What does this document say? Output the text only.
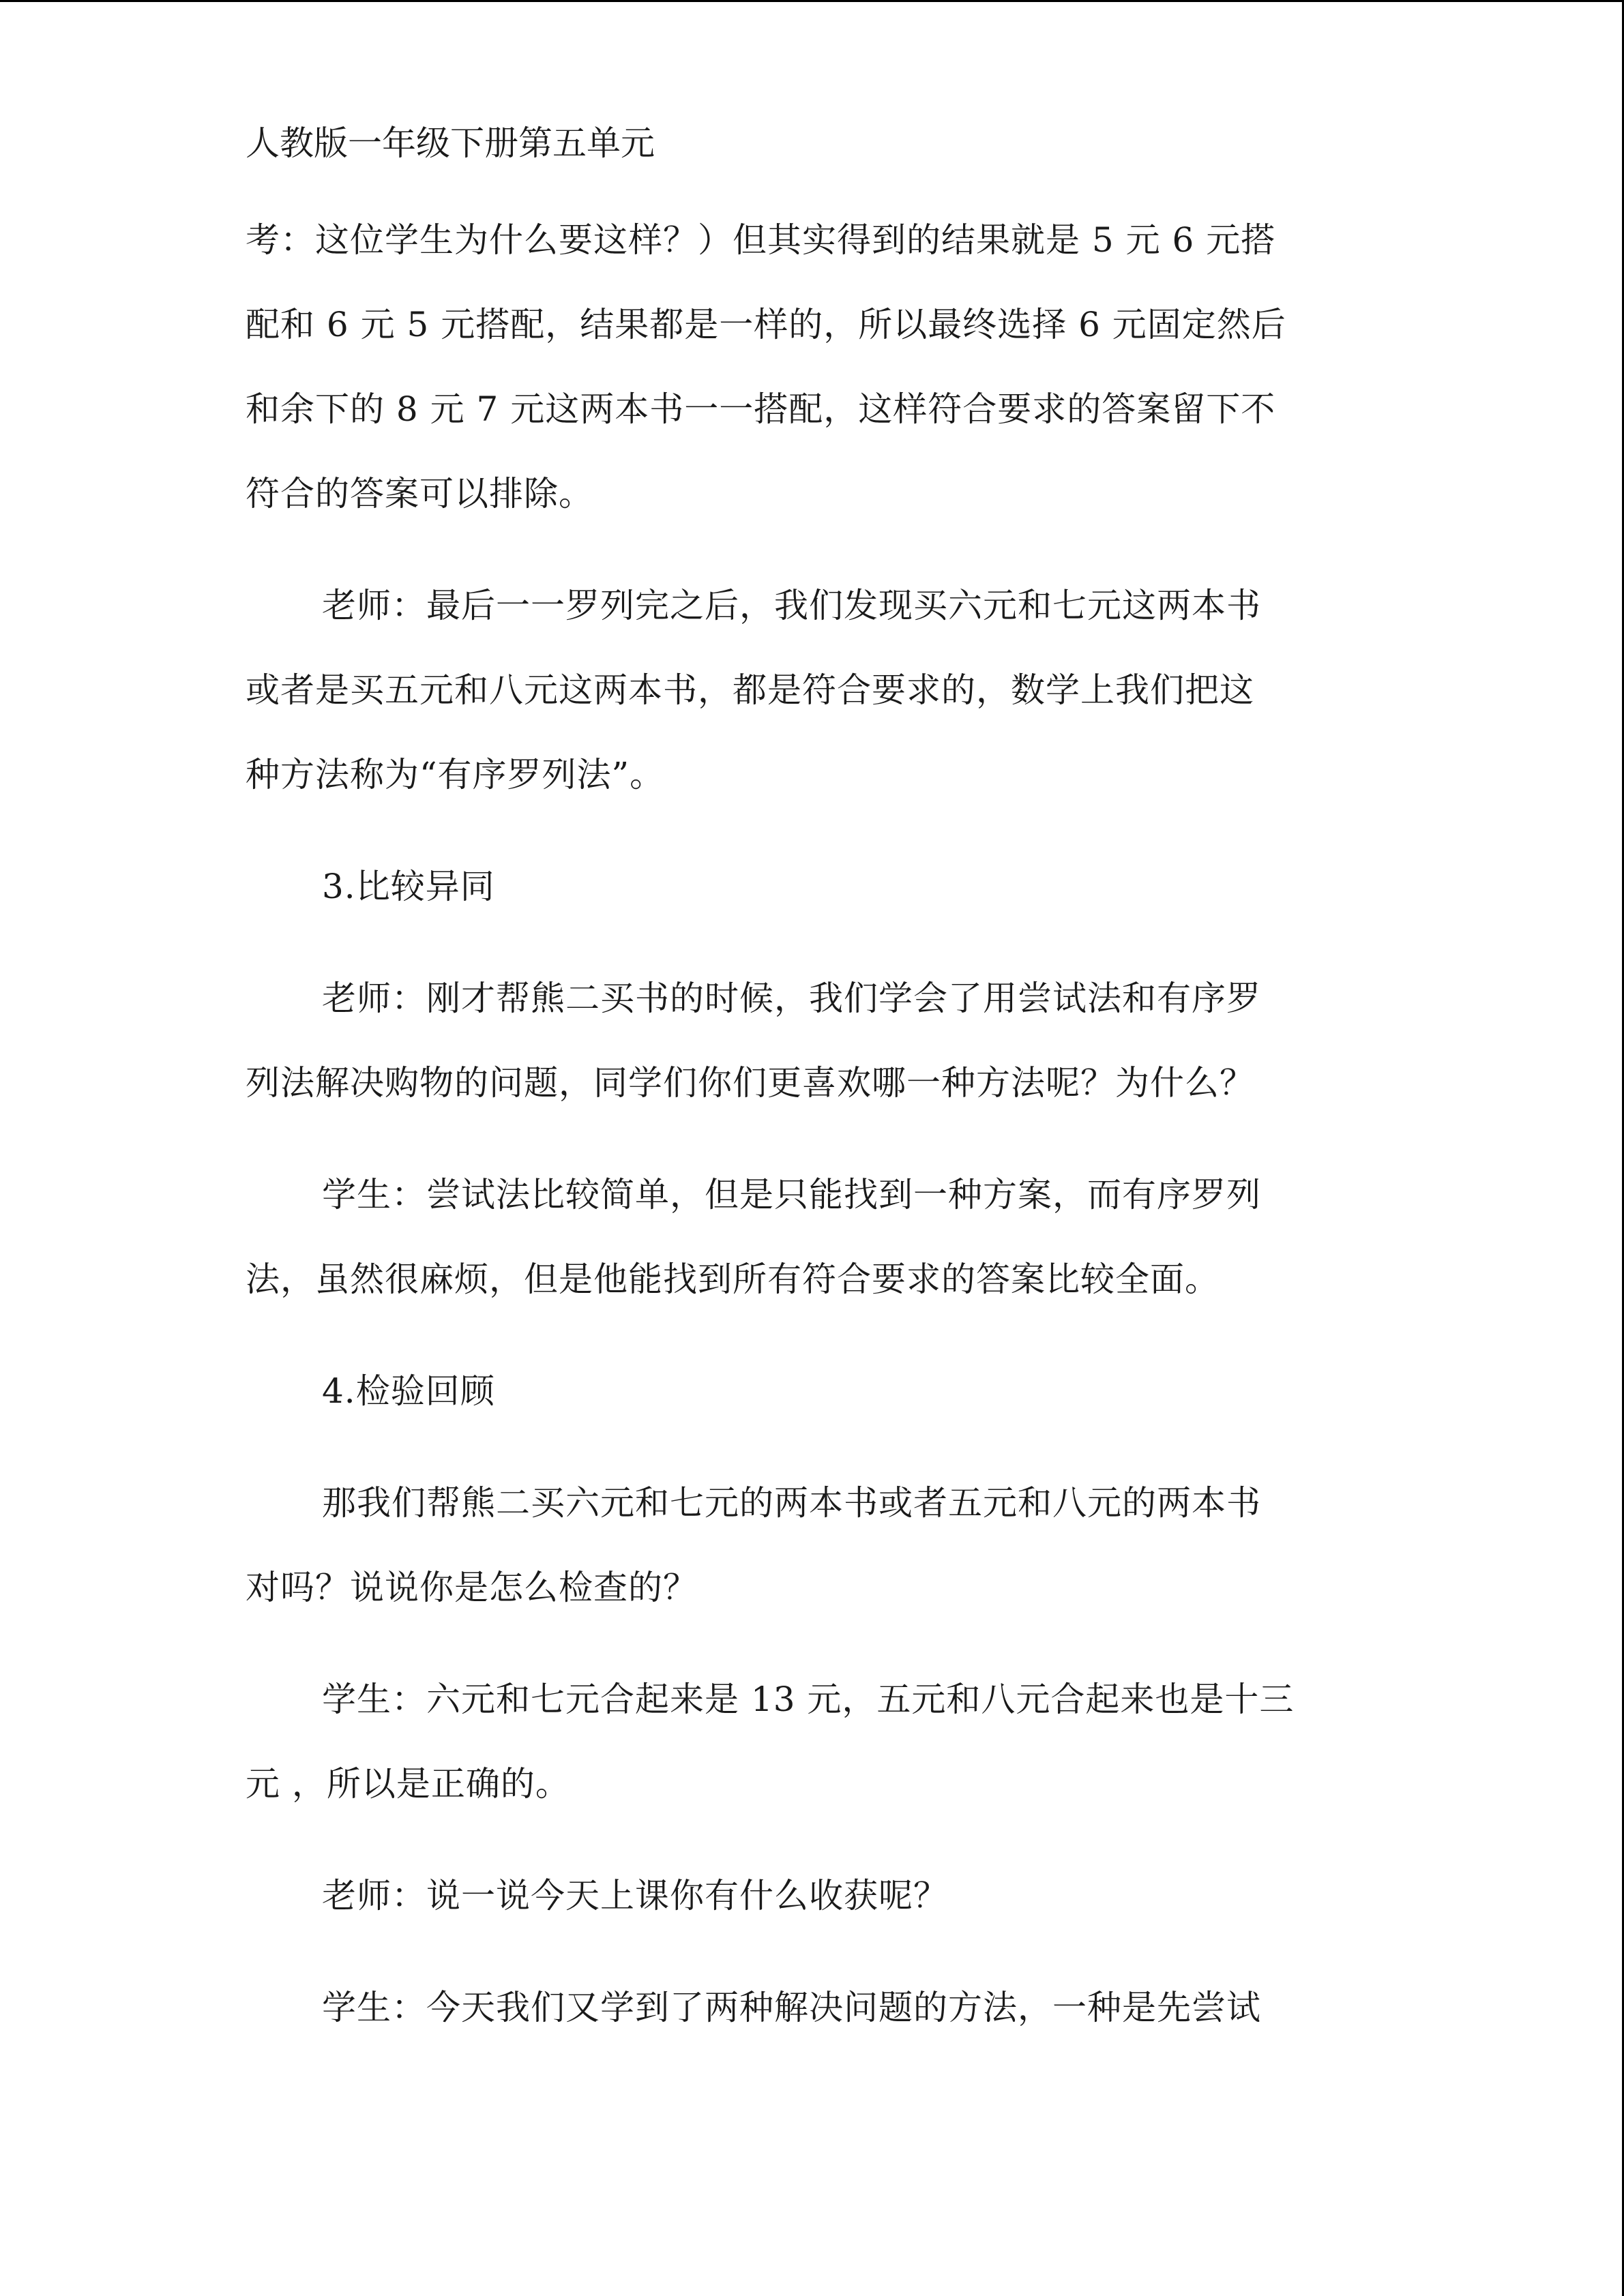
人教版一年级下册第五单元
考：这位学生为什么要这样？）但其实得到的结果就是 5 元 6 元搭
配和 6 元 5 元搭配，结果都是一样的，所以最终选择 6 元固定然后
和余下的 8 元 7 元这两本书一一搭配，这样符合要求的答案留下不
符合的答案可以排除。
老师：最后一一罗列完之后，我们发现买六元和七元这两本书
或者是买五元和八元这两本书，都是符合要求的，数学上我们把这
种方法称为“有序罗列法”。
3.比较异同
老师：刚才帮熊二买书的时候，我们学会了用尝试法和有序罗
列法解决购物的问题，同学们你们更喜欢哪一种方法呢？为什么？
学生：尝试法比较简单，但是只能找到一种方案，而有序罗列
法，虽然很麻烦，但是他能找到所有符合要求的答案比较全面。
4.检验回顾
那我们帮熊二买六元和七元的两本书或者五元和八元的两本书
对吗？说说你是怎么检查的？
学生：六元和七元合起来是 13 元，五元和八元合起来也是十三
元 ，所以是正确的。
老师：说一说今天上课你有什么收获呢？
学生：今天我们又学到了两种解决问题的方法，一种是先尝试
